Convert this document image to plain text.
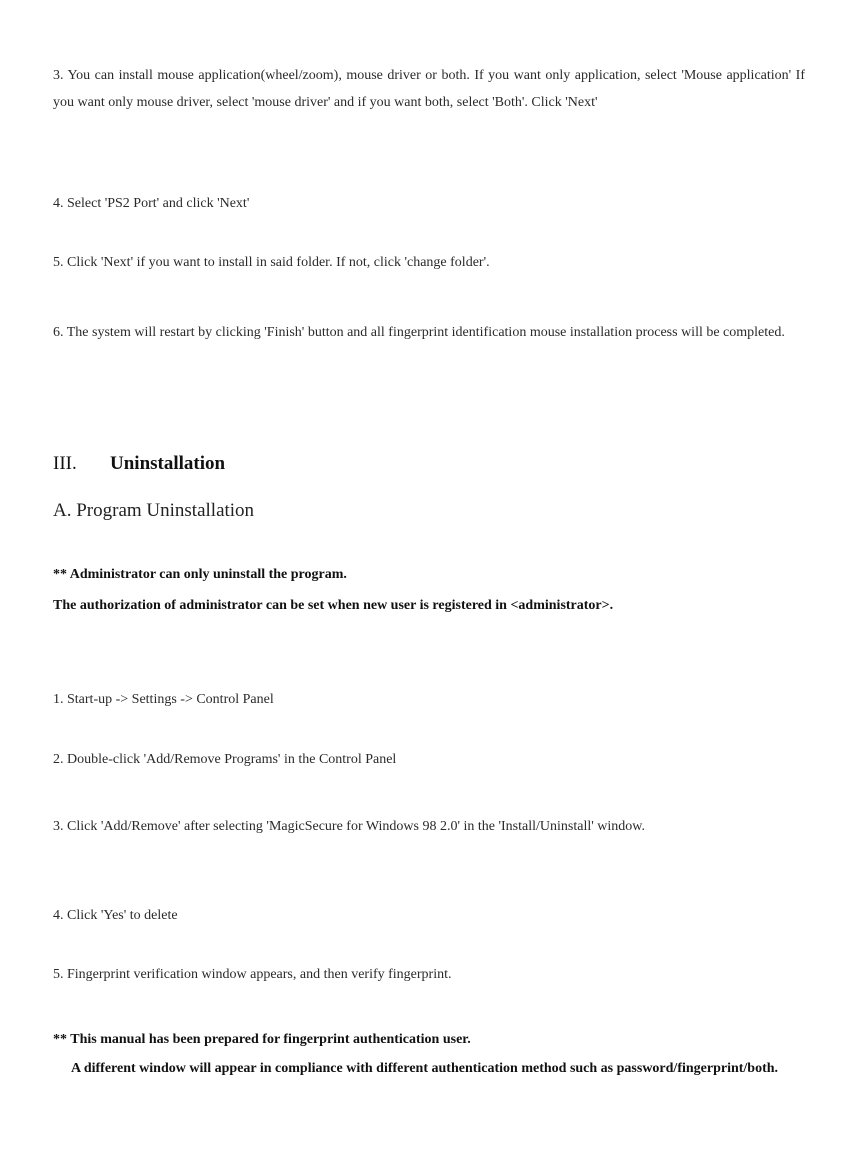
3. You can install mouse application(wheel/zoom), mouse driver or both. If you want only application, select 'Mouse application' If you want only mouse driver, select 'mouse driver' and if you want both, select 'Both'. Click 'Next'
4. Select 'PS2 Port' and click 'Next'
5. Click 'Next' if you want to install in said folder. If not, click 'change folder'.
6. The system will restart by clicking 'Finish' button and all fingerprint identification mouse installation process will be completed.
III. Uninstallation
A. Program Uninstallation
** Administrator can only uninstall the program.
The authorization of administrator can be set when new user is registered in <administrator>.
1. Start-up -> Settings -> Control Panel
2. Double-click 'Add/Remove Programs' in the Control Panel
3. Click 'Add/Remove' after selecting 'MagicSecure for Windows 98 2.0' in the 'Install/Uninstall' window.
4. Click 'Yes' to delete
5. Fingerprint verification window appears, and then verify fingerprint.
** This manual has been prepared for fingerprint authentication user.
A different window will appear in compliance with different authentication method such as password/fingerprint/both.
